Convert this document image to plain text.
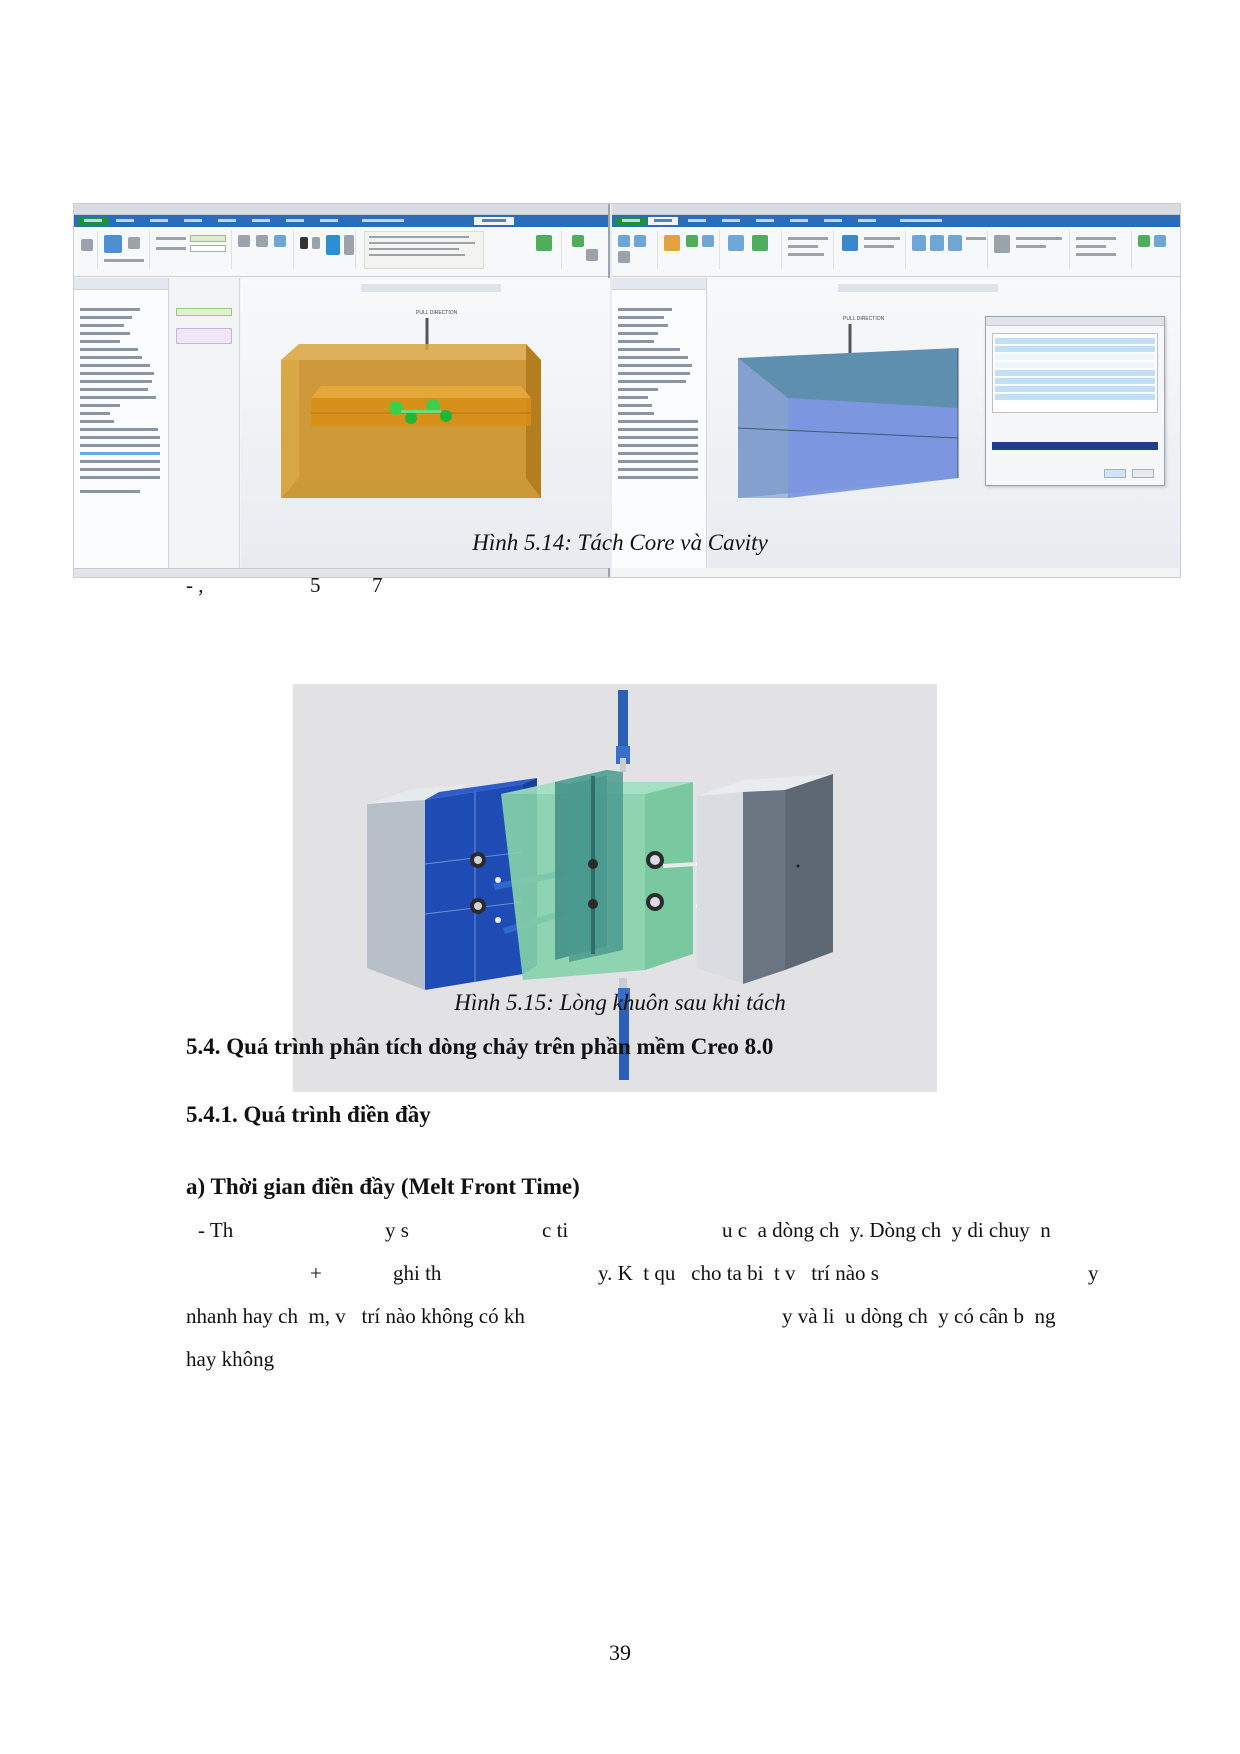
PULL DIRECTION
PULL DIRECTION
Hình 5.14: Tách Core và Cavity
- ,	5 7
Hình 5.15: Lòng khuôn sau khi tách
5.4. Quá trình phân tích dòng chảy trên phần mềm Creo 8.0
5.4.1. Quá trình điền đầy
a) Thời gian điền đầy (Melt Front Time)
- Th	y s	c ti	u c  a dòng ch  y. Dòng ch  y di chuy  n
+	ghi th	y. K  t qu   cho ta bi  t v   trí nào s	y
nhanh hay ch  m, v   trí nào không có kh	y và li  u dòng ch  y có cân b  ng
hay không
39
